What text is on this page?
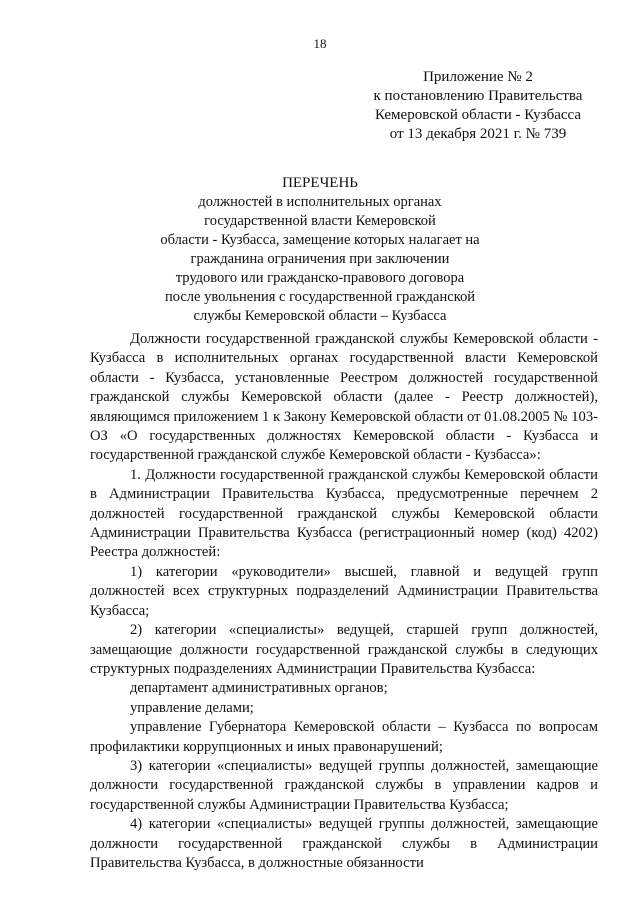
18
Приложение № 2
к постановлению Правительства
Кемеровской области - Кузбасса
от 13 декабря 2021 г. № 739
ПЕРЕЧЕНЬ
должностей в исполнительных органах
государственной власти Кемеровской
области - Кузбасса, замещение которых налагает на
гражданина ограничения при заключении
трудового или гражданско-правового договора
после увольнения с государственной гражданской
службы Кемеровской области – Кузбасса

Должности государственной гражданской службы Кемеровской области - Кузбасса в исполнительных органах государственной власти Кемеровской области - Кузбасса, установленные Реестром должностей государственной гражданской службы Кемеровской области (далее - Реестр должностей), являющимся приложением 1 к Закону Кемеровской области от 01.08.2005 № 103-ОЗ «О государственных должностях Кемеровской области - Кузбасса и государственной гражданской службе Кемеровской области - Кузбасса»:

1. Должности государственной гражданской службы Кемеровской области в Администрации Правительства Кузбасса, предусмотренные перечнем 2 должностей государственной гражданской службы Кемеровской области Администрации Правительства Кузбасса (регистрационный номер (код) 4202) Реестра должностей:

1) категории «руководители» высшей, главной и ведущей групп должностей всех структурных подразделений Администрации Правительства Кузбасса;

2) категории «специалисты» ведущей, старшей групп должностей, замещающие должности государственной гражданской службы в следующих структурных подразделениях Администрации Правительства Кузбасса:

департамент административных органов;

управление делами;

управление Губернатора Кемеровской области – Кузбасса по вопросам профилактики коррупционных и иных правонарушений;

3) категории «специалисты» ведущей группы должностей, замещающие должности государственной гражданской службы в управлении кадров и государственной службы Администрации Правительства Кузбасса;

4) категории «специалисты» ведущей группы должностей, замещающие должности государственной гражданской службы в Администрации Правительства Кузбасса, в должностные обязанности
